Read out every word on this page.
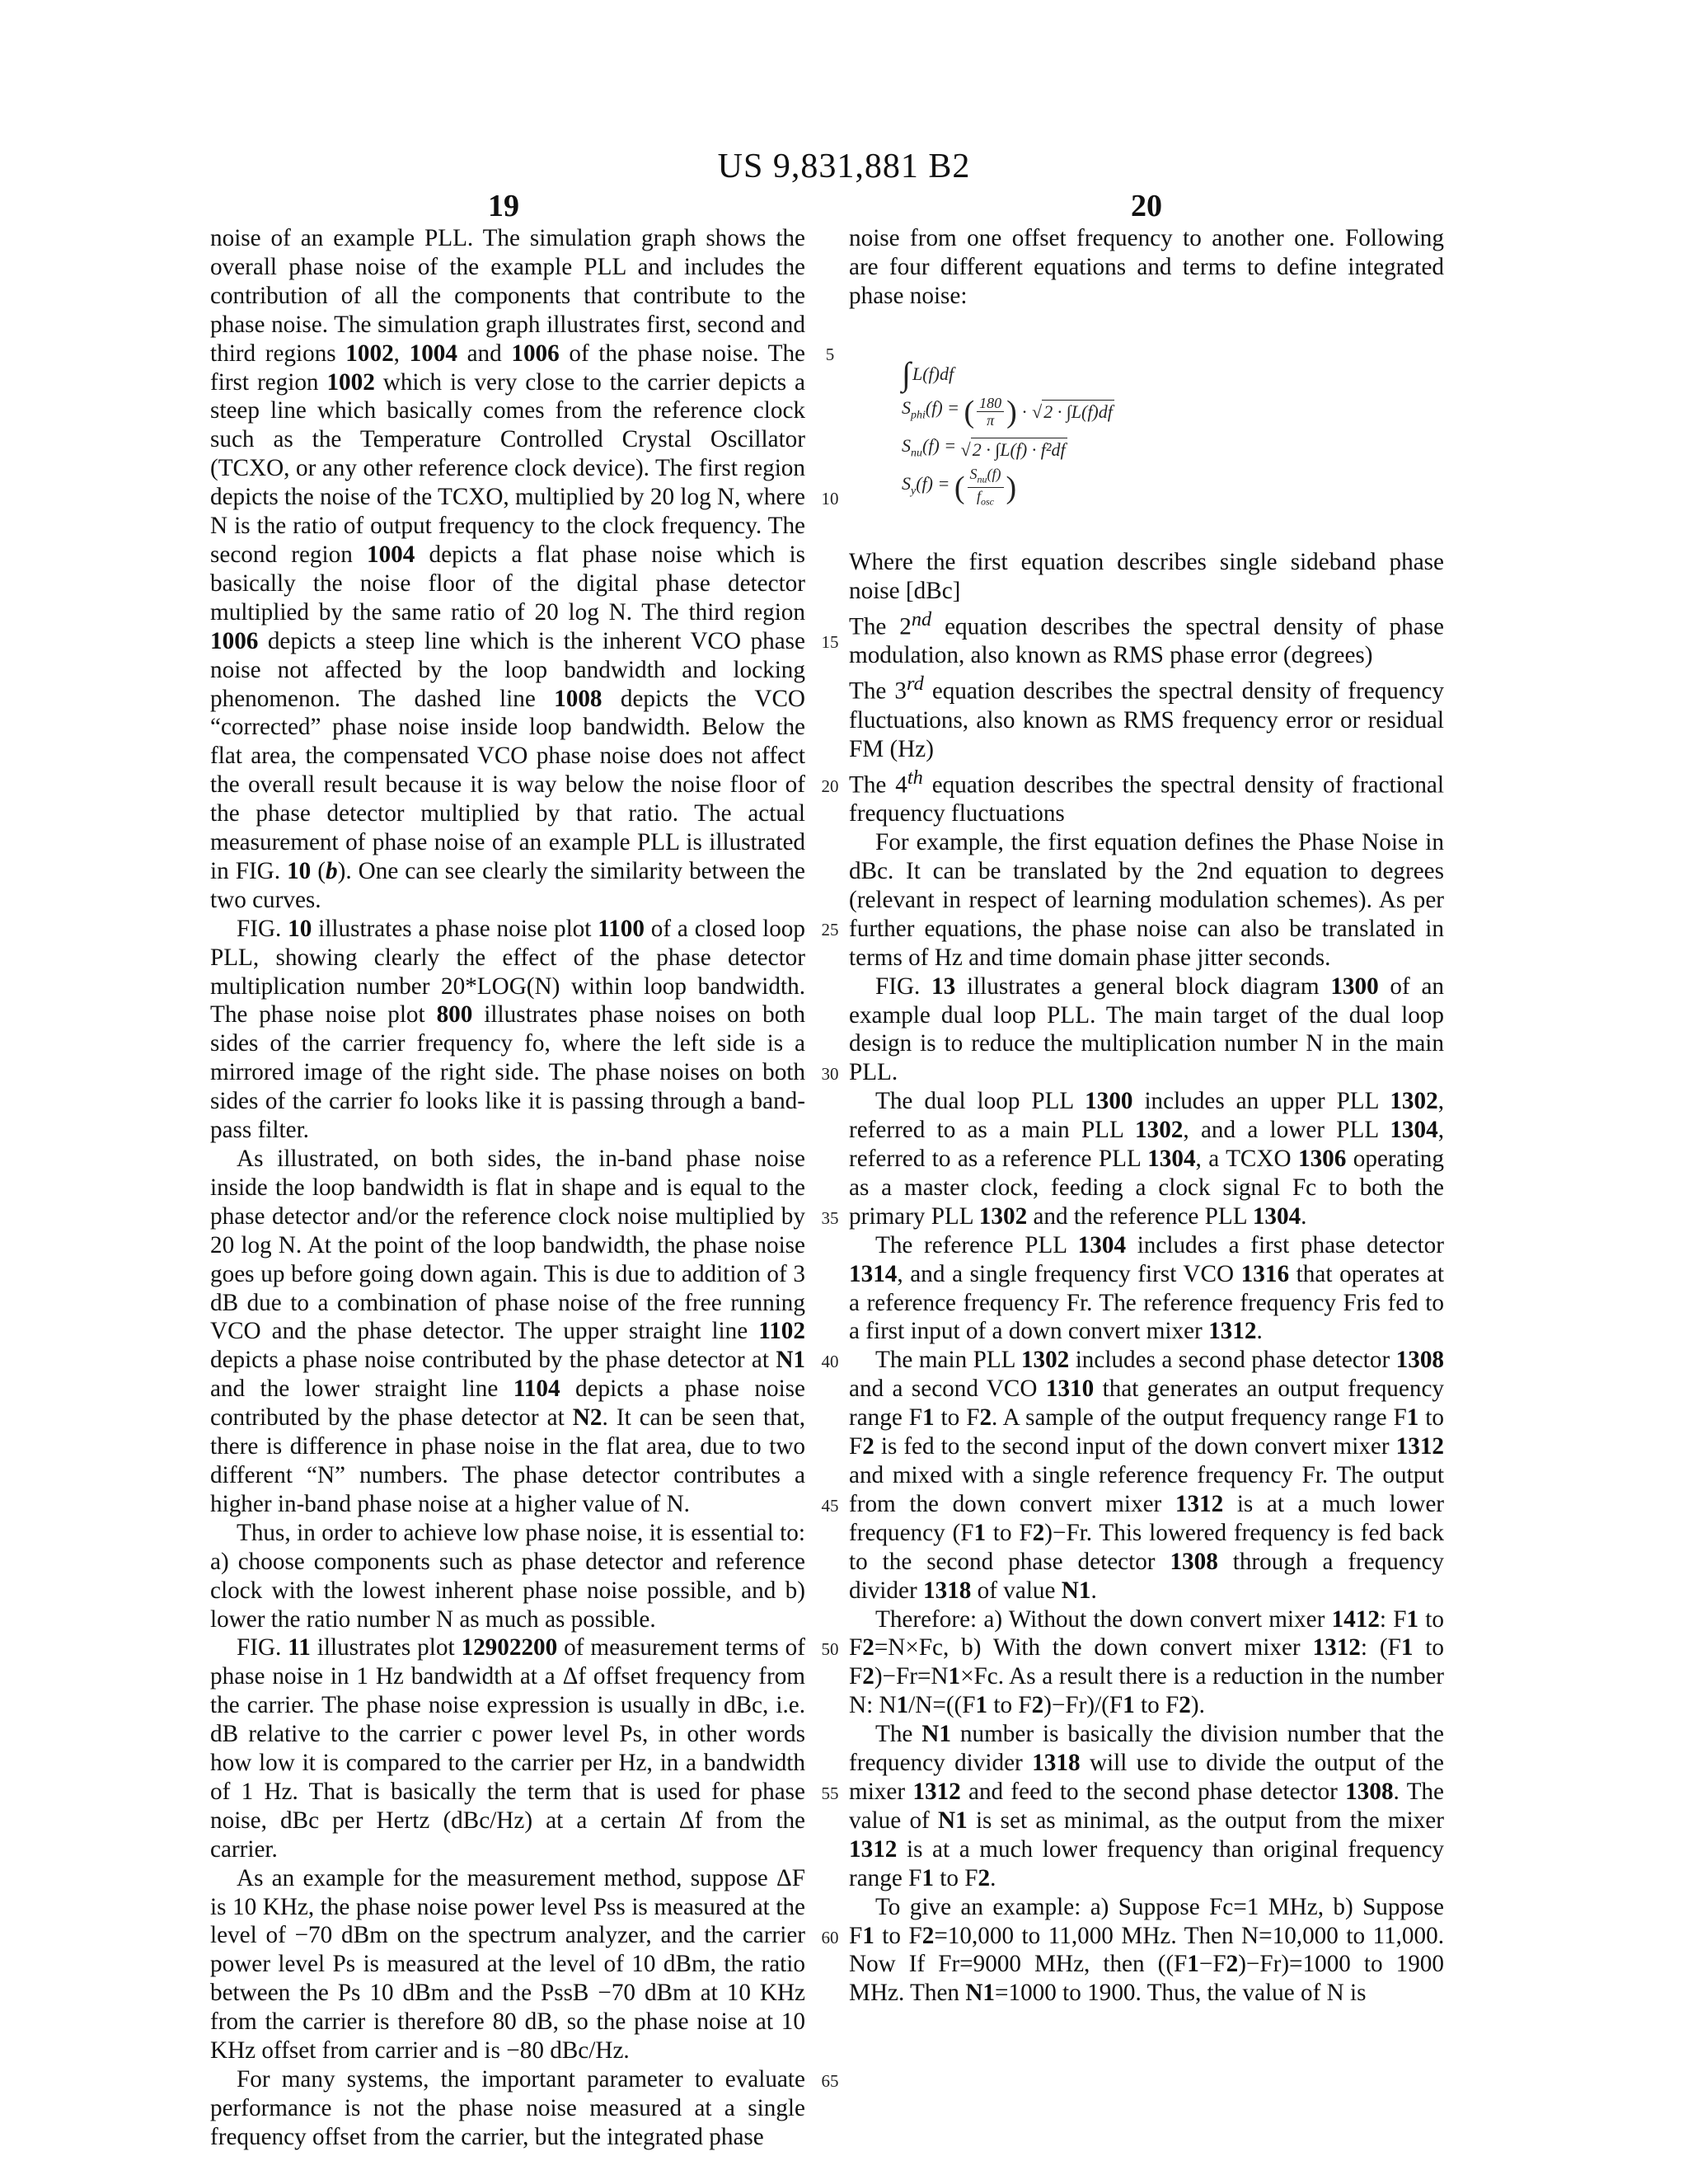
US 9,831,881 B2
19	20

noise of an example PLL. The simulation graph shows the overall phase noise of the example PLL and includes the contribution of all the components that contribute to the phase noise. The simulation graph illustrates first, second and third regions 1002, 1004 and 1006 of the phase noise. The first region 1002 which is very close to the carrier depicts a steep line which basically comes from the reference clock such as the Temperature Controlled Crystal Oscillator (TCXO, or any other reference clock device). The first region depicts the noise of the TCXO, multiplied by 20 log N, where N is the ratio of output frequency to the clock frequency. The second region 1004 depicts a flat phase noise which is basically the noise floor of the digital phase detector multiplied by the same ratio of 20 log N. The third region 1006 depicts a steep line which is the inherent VCO phase noise not affected by the loop bandwidth and locking phenomenon. The dashed line 1008 depicts the VCO “corrected” phase noise inside loop bandwidth. Below the flat area, the compensated VCO phase noise does not affect the overall result because it is way below the noise floor of the phase detector multiplied by that ratio. The actual measurement of phase noise of an example PLL is illustrated in FIG. 10 (b). One can see clearly the similarity between the two curves.

FIG. 10 illustrates a phase noise plot 1100 of a closed loop PLL, showing clearly the effect of the phase detector multiplication number 20*LOG(N) within loop bandwidth. The phase noise plot 800 illustrates phase noises on both sides of the carrier frequency fo, where the left side is a mirrored image of the right side. The phase noises on both sides of the carrier fo looks like it is passing through a band-pass filter.

As illustrated, on both sides, the in-band phase noise inside the loop bandwidth is flat in shape and is equal to the phase detector and/or the reference clock noise multiplied by 20 log N. At the point of the loop bandwidth, the phase noise goes up before going down again. This is due to addition of 3 dB due to a combination of phase noise of the free running VCO and the phase detector. The upper straight line 1102 depicts a phase noise contributed by the phase detector at N1 and the lower straight line 1104 depicts a phase noise contributed by the phase detector at N2. It can be seen that, there is difference in phase noise in the flat area, due to two different “N” numbers. The phase detector contributes a higher in-band phase noise at a higher value of N.

Thus, in order to achieve low phase noise, it is essential to: a) choose components such as phase detector and reference clock with the lowest inherent phase noise possible, and b) lower the ratio number N as much as possible.

FIG. 11 illustrates plot 12902200 of measurement terms of phase noise in 1 Hz bandwidth at a Δf offset frequency from the carrier. The phase noise expression is usually in dBc, i.e. dB relative to the carrier c power level Ps, in other words how low it is compared to the carrier per Hz, in a bandwidth of 1 Hz. That is basically the term that is used for phase noise, dBc per Hertz (dBc/Hz) at a certain Δf from the carrier.

As an example for the measurement method, suppose ΔF is 10 KHz, the phase noise power level Pss is measured at the level of −70 dBm on the spectrum analyzer, and the carrier power level Ps is measured at the level of 10 dBm, the ratio between the Ps 10 dBm and the PssB −70 dBm at 10 KHz from the carrier is therefore 80 dB, so the phase noise at 10 KHz offset from carrier and is −80 dBc/Hz.

For many systems, the important parameter to evaluate performance is not the phase noise measured at a single frequency offset from the carrier, but the integrated phase

noise from one offset frequency to another one. Following are four different equations and terms to define integrated phase noise:

∫ L(f)df
$S_{phi}(f)$ = ( $\frac{180}{\pi}$ ) · √ 2 · ∫L(f)df
$S_{nu}(f)$ = √ 2 · ∫L(f) · f²df
$S_y(f)$ = ( $\frac{S_{nu}(f)}{f_{osc}}$ )

Where the first equation describes single sideband phase noise [dBc]

The 2nd equation describes the spectral density of phase modulation, also known as RMS phase error (degrees)

The 3rd equation describes the spectral density of frequency fluctuations, also known as RMS frequency error or residual FM (Hz)

The 4th equation describes the spectral density of fractional frequency fluctuations

For example, the first equation defines the Phase Noise in dBc. It can be translated by the 2nd equation to degrees (relevant in respect of learning modulation schemes). As per further equations, the phase noise can also be translated in terms of Hz and time domain phase jitter seconds.

FIG. 13 illustrates a general block diagram 1300 of an example dual loop PLL. The main target of the dual loop design is to reduce the multiplication number N in the main PLL.

The dual loop PLL 1300 includes an upper PLL 1302, referred to as a main PLL 1302, and a lower PLL 1304, referred to as a reference PLL 1304, a TCXO 1306 operating as a master clock, feeding a clock signal Fc to both the primary PLL 1302 and the reference PLL 1304.

The reference PLL 1304 includes a first phase detector 1314, and a single frequency first VCO 1316 that operates at a reference frequency Fr. The reference frequency Fris fed to a first input of a down convert mixer 1312.

The main PLL 1302 includes a second phase detector 1308 and a second VCO 1310 that generates an output frequency range F1 to F2. A sample of the output frequency range F1 to F2 is fed to the second input of the down convert mixer 1312 and mixed with a single reference frequency Fr. The output from the down convert mixer 1312 is at a much lower frequency (F1 to F2)−Fr. This lowered frequency is fed back to the second phase detector 1308 through a frequency divider 1318 of value N1.

Therefore: a) Without the down convert mixer 1412: F1 to F2=N×Fc, b) With the down convert mixer 1312: (F1 to F2)−Fr=N1×Fc. As a result there is a reduction in the number N: N1/N=((F1 to F2)−Fr)/(F1 to F2).

The N1 number is basically the division number that the frequency divider 1318 will use to divide the output of the mixer 1312 and feed to the second phase detector 1308. The value of N1 is set as minimal, as the output from the mixer 1312 is at a much lower frequency than original frequency range F1 to F2.

To give an example: a) Suppose Fc=1 MHz, b) Suppose F1 to F2=10,000 to 11,000 MHz. Then N=10,000 to 11,000. Now If Fr=9000 MHz, then ((F1−F2)−Fr)=1000 to 1900 MHz. Then N1=1000 to 1900. Thus, the value of N is

5
10
15
20
25
30
35
40
45
50
55
60
65
